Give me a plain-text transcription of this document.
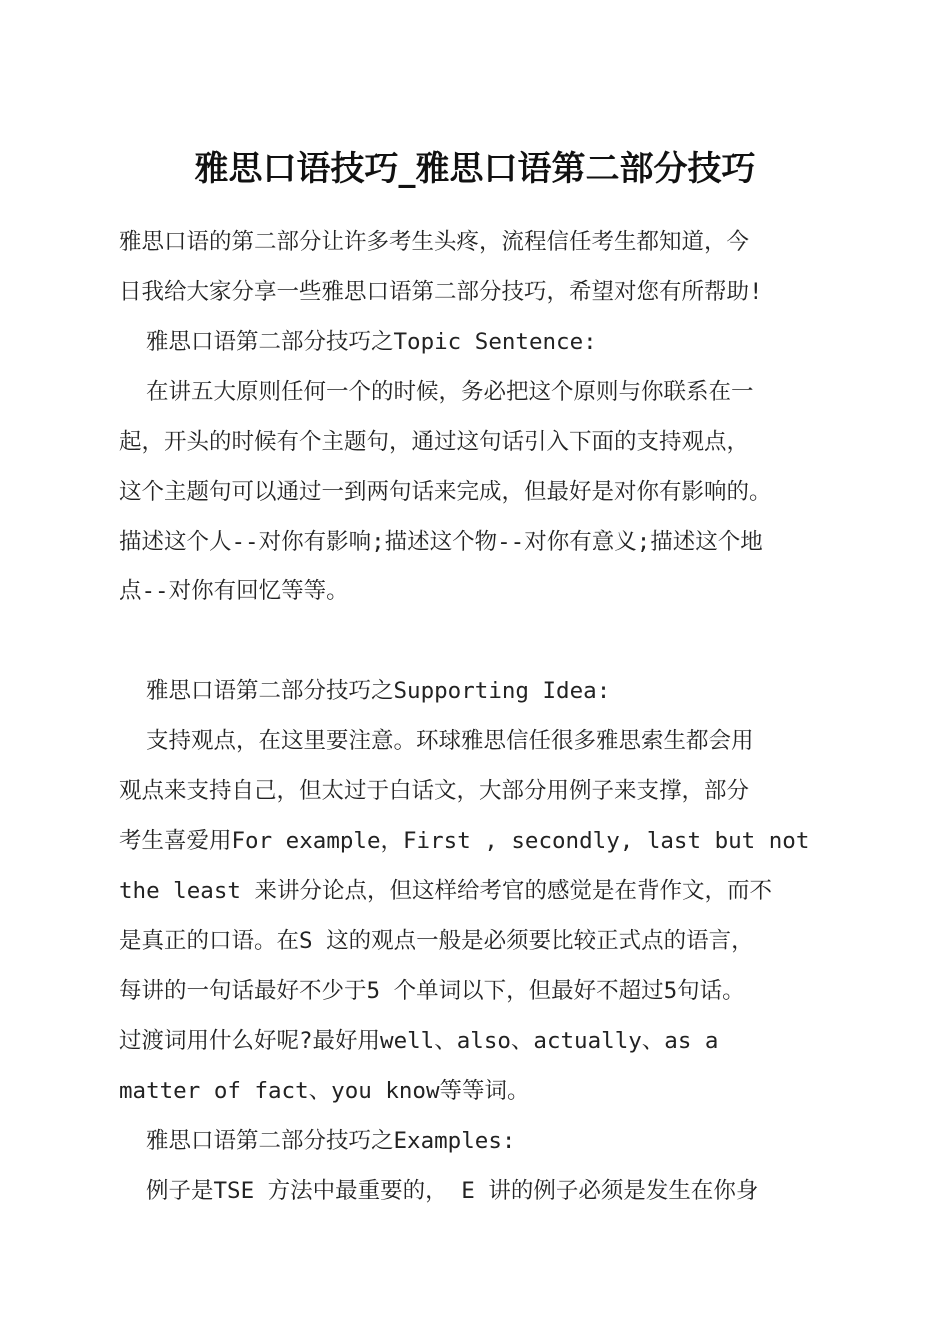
雅思口语技巧_雅思口语第二部分技巧
雅思口语的第二部分让许多考生头疼，流程信任考生都知道，今
日我给大家分享一些雅思口语第二部分技巧，希望对您有所帮助!
雅思口语第二部分技巧之Topic Sentence:
在讲五大原则任何一个的时候，务必把这个原则与你联系在一
起，开头的时候有个主题句，通过这句话引入下面的支持观点，
这个主题句可以通过一到两句话来完成，但最好是对你有影响的。
描述这个人--对你有影响;描述这个物--对你有意义;描述这个地
点--对你有回忆等等。
雅思口语第二部分技巧之Supporting Idea:
支持观点，在这里要注意。环球雅思信任很多雅思索生都会用
观点来支持自己，但太过于白话文，大部分用例子来支撑，部分
考生喜爱用For example，First , secondly, last but not
the least 来讲分论点，但这样给考官的感觉是在背作文，而不
是真正的口语。在S 这的观点一般是必须要比较正式点的语言，
每讲的一句话最好不少于5 个单词以下，但最好不超过5句话。
过渡词用什么好呢?最好用well、also、actually、as a
matter of fact、you know等等词。
雅思口语第二部分技巧之Examples:
例子是TSE 方法中最重要的， E 讲的例子必须是发生在你身
